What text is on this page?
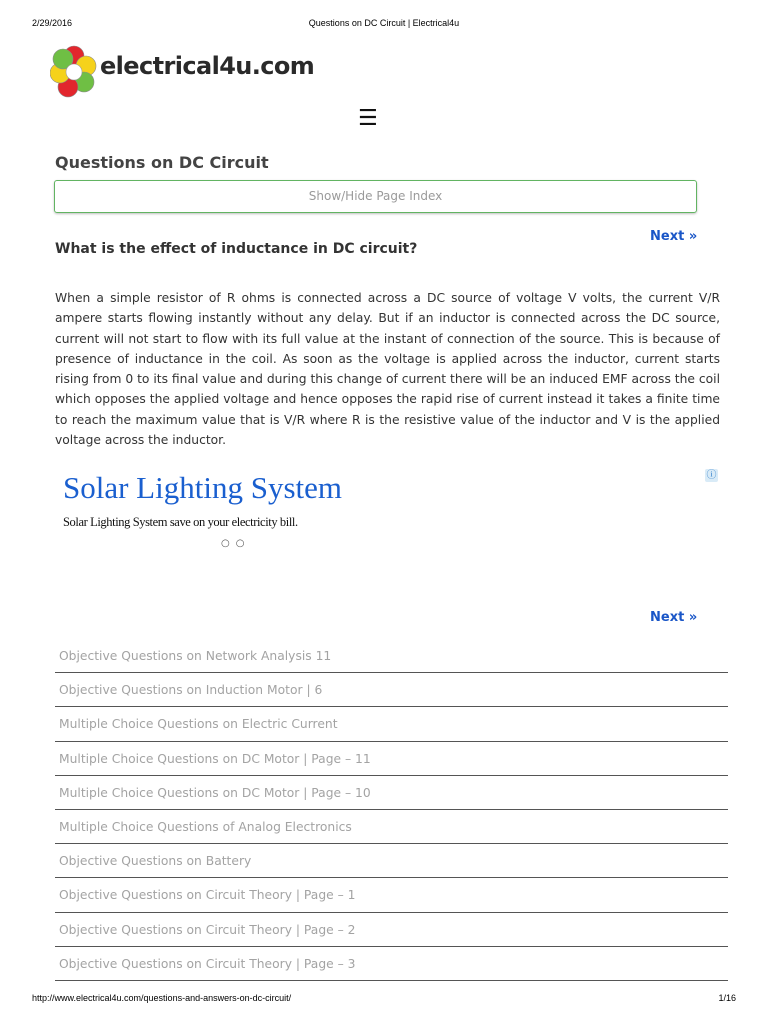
2/29/2016	Questions on DC Circuit | Electrical4u
electrical4u.com
☰
Questions on DC Circuit
Show/Hide Page Index
Next »
What is the effect of inductance in DC circuit?

When a simple resistor of R ohms is connected across a DC source of voltage V volts, the current V/R ampere starts flowing instantly without any delay. But if an inductor is connected across the DC source, current will not start to flow with its full value at the instant of connection of the source. This is because of presence of inductance in the coil. As soon as the voltage is applied across the inductor, current starts rising from 0 to its final value and during this change of current there will be an induced EMF across the coil which opposes the applied voltage and hence opposes the rapid rise of current instead it takes a finite time to reach the maximum value that is V/R where R is the resistive value of the inductor and V is the applied voltage across the inductor.

Solar Lighting System
Solar Lighting System save on your electricity bill.
○○
ⓘ
Next »
Objective Questions on Network Analysis 11
Objective Questions on Induction Motor | 6
Multiple Choice Questions on Electric Current
Multiple Choice Questions on DC Motor | Page – 11
Multiple Choice Questions on DC Motor | Page – 10
Multiple Choice Questions of Analog Electronics
Objective Questions on Battery
Objective Questions on Circuit Theory | Page – 1
Objective Questions on Circuit Theory | Page – 2
Objective Questions on Circuit Theory | Page – 3
http://www.electrical4u.com/questions-and-answers-on-dc-circuit/	1/16
